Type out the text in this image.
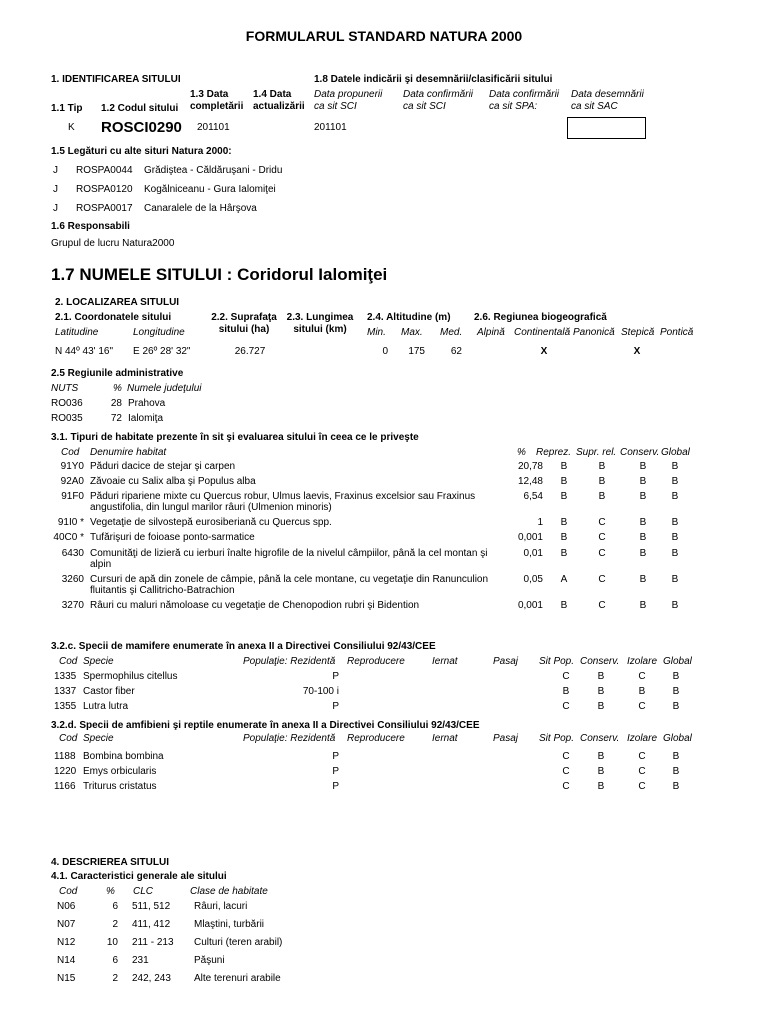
FORMULARUL STANDARD NATURA 2000
1. IDENTIFICAREA SITULUI
1.3 Data
completării
1.4 Data
actualizării
1.8 Datele indicării şi desemnării/clasificării sitului
Data propunerii
ca sit SCI
Data confirmării
ca sit SCI
Data confirmării
ca sit SPA:
Data desemnării
ca sit SAC
1.1 Tip 1.2 Codul sitului
K ROSCI0290 201101	201101
1.5 Legături cu alte situri Natura 2000:
J ROSPA0044 Grădiştea - Căldăruşani - Dridu
J ROSPA0120 Kogălniceanu - Gura Ialomiţei
J ROSPA0017 Canaralele de la Hârşova
1.6 Responsabili
Grupul de lucru Natura2000
1.7 NUMELE SITULUI : Coridorul Ialomiţei
2. LOCALIZAREA SITULUI
2.1. Coordonatele sitului
Latitudine	Longitudine
2.2. Suprafaţa
sitului (ha)
2.3. Lungimea
sitului (km)
2.4. Altitudine (m)
Min. Max. Med.
2.6. Regiunea biogeografică
Alpină Continentală Panonică Stepică Pontică
N 44º 43' 16" E 26º 28' 32"	26.727	0	175	62	X	X
2.5 Regiunile administrative
NUTS	% Numele judeţului
RO036	28 Prahova
RO035	72 Ialomiţa
3.1. Tipuri de habitate prezente în sit şi evaluarea sitului în ceea ce le priveşte
Cod Denumire habitat	% Reprez. Supr. rel. Conserv. Global
91Y0 Păduri dacice de stejar şi carpen	20,78	B	B	B	B
92A0 Zăvoaie cu Salix alba şi Populus alba	12,48	B	B	B	B
91F0 Păduri ripariene mixte cu Quercus robur, Ulmus laevis, Fraxinus excelsior sau Fraxinus angustifolia, din lungul marilor râuri (Ulmenion minoris)
6,54	B	B	B	B
91I0 * Vegetaţie de silvostepă eurosiberiană cu Quercus spp.	1	B	C	B	B
40C0 * Tufărişuri de foioase ponto-sarmatice	0,001	B	C	B	B
6430 Comunităţi de lizieră cu ierburi înalte higrofile de la nivelul câmpiilor, până la cel montan şi alpin
0,01	B	C	B	B
3260 Cursuri de apă din zonele de câmpie, până la cele montane, cu vegetaţie din Ranunculion fluitantis şi Callitricho-Batrachion
0,05	A	C	B	B
3270 Râuri cu maluri nămoloase cu vegetaţie de Chenopodion rubri şi Bidention	0,001	B	C	B	B
3.2.c. Specii de mamifere enumerate în anexa II a Directivei Consiliului 92/43/CEE
Cod Specie	Populaţie: Rezidentă Reproducere	Iernat	Pasaj Sit Pop. Conserv. Izolare Global
1335 Spermophilus citellus	P	C	B	C	B
1337 Castor fiber	70-100 i	B	B	B	B
1355 Lutra lutra	P	C	B	C	B
3.2.d. Specii de amfibieni şi reptile enumerate în anexa II a Directivei Consiliului 92/43/CEE
Cod Specie	Populaţie: Rezidentă Reproducere	Iernat	Pasaj Sit Pop. Conserv. Izolare Global
1188 Bombina bombina	P	C	B	C	B
1220 Emys orbicularis	P	C	B	C	B
1166 Triturus cristatus	P	C	B	C	B
4. DESCRIEREA SITULUI
4.1. Caracteristici generale ale sitului
Cod	% CLC	Clase de habitate
N06	6 511, 512 Râuri, lacuri
N07	2 411, 412 Mlaştini, turbării
N12	10 211 - 213 Culturi (teren arabil)
N14	6 231	Păşuni
N15	2 242, 243 Alte terenuri arabile
